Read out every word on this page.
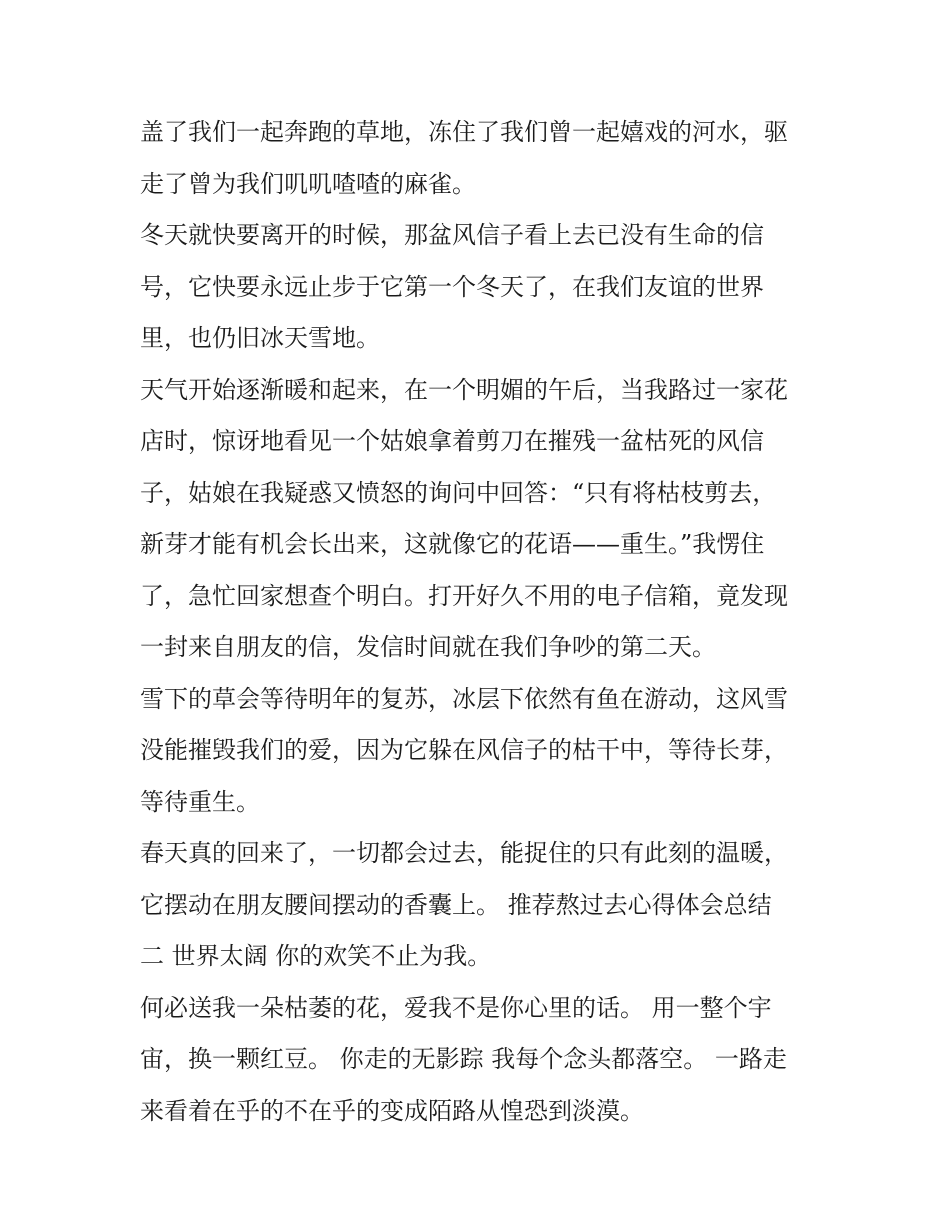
盖了我们一起奔跑的草地，冻住了我们曾一起嬉戏的河水，驱
走了曾为我们叽叽喳喳的麻雀。
冬天就快要离开的时候，那盆风信子看上去已没有生命的信
号，它快要永远止步于它第一个冬天了，在我们友谊的世界
里，也仍旧冰天雪地。
天气开始逐渐暖和起来，在一个明媚的午后，当我路过一家花
店时，惊讶地看见一个姑娘拿着剪刀在摧残一盆枯死的风信
子，姑娘在我疑惑又愤怒的询问中回答：“只有将枯枝剪去，
新芽才能有机会长出来，这就像它的花语——重生。”我愣住
了，急忙回家想查个明白。打开好久不用的电子信箱，竟发现
一封来自朋友的信，发信时间就在我们争吵的第二天。
雪下的草会等待明年的复苏，冰层下依然有鱼在游动，这风雪
没能摧毁我们的爱，因为它躲在风信子的枯干中，等待长芽，
等待重生。
春天真的回来了，一切都会过去，能捉住的只有此刻的温暖，
它摆动在朋友腰间摆动的香囊上。 推荐熬过去心得体会总结
二 世界太阔 你的欢笑不止为我。
何必送我一朵枯萎的花，爱我不是你心里的话。 用一整个宇
宙，换一颗红豆。 你走的无影踪 我每个念头都落空。 一路走
来看着在乎的不在乎的变成陌路从惶恐到淡漠。
